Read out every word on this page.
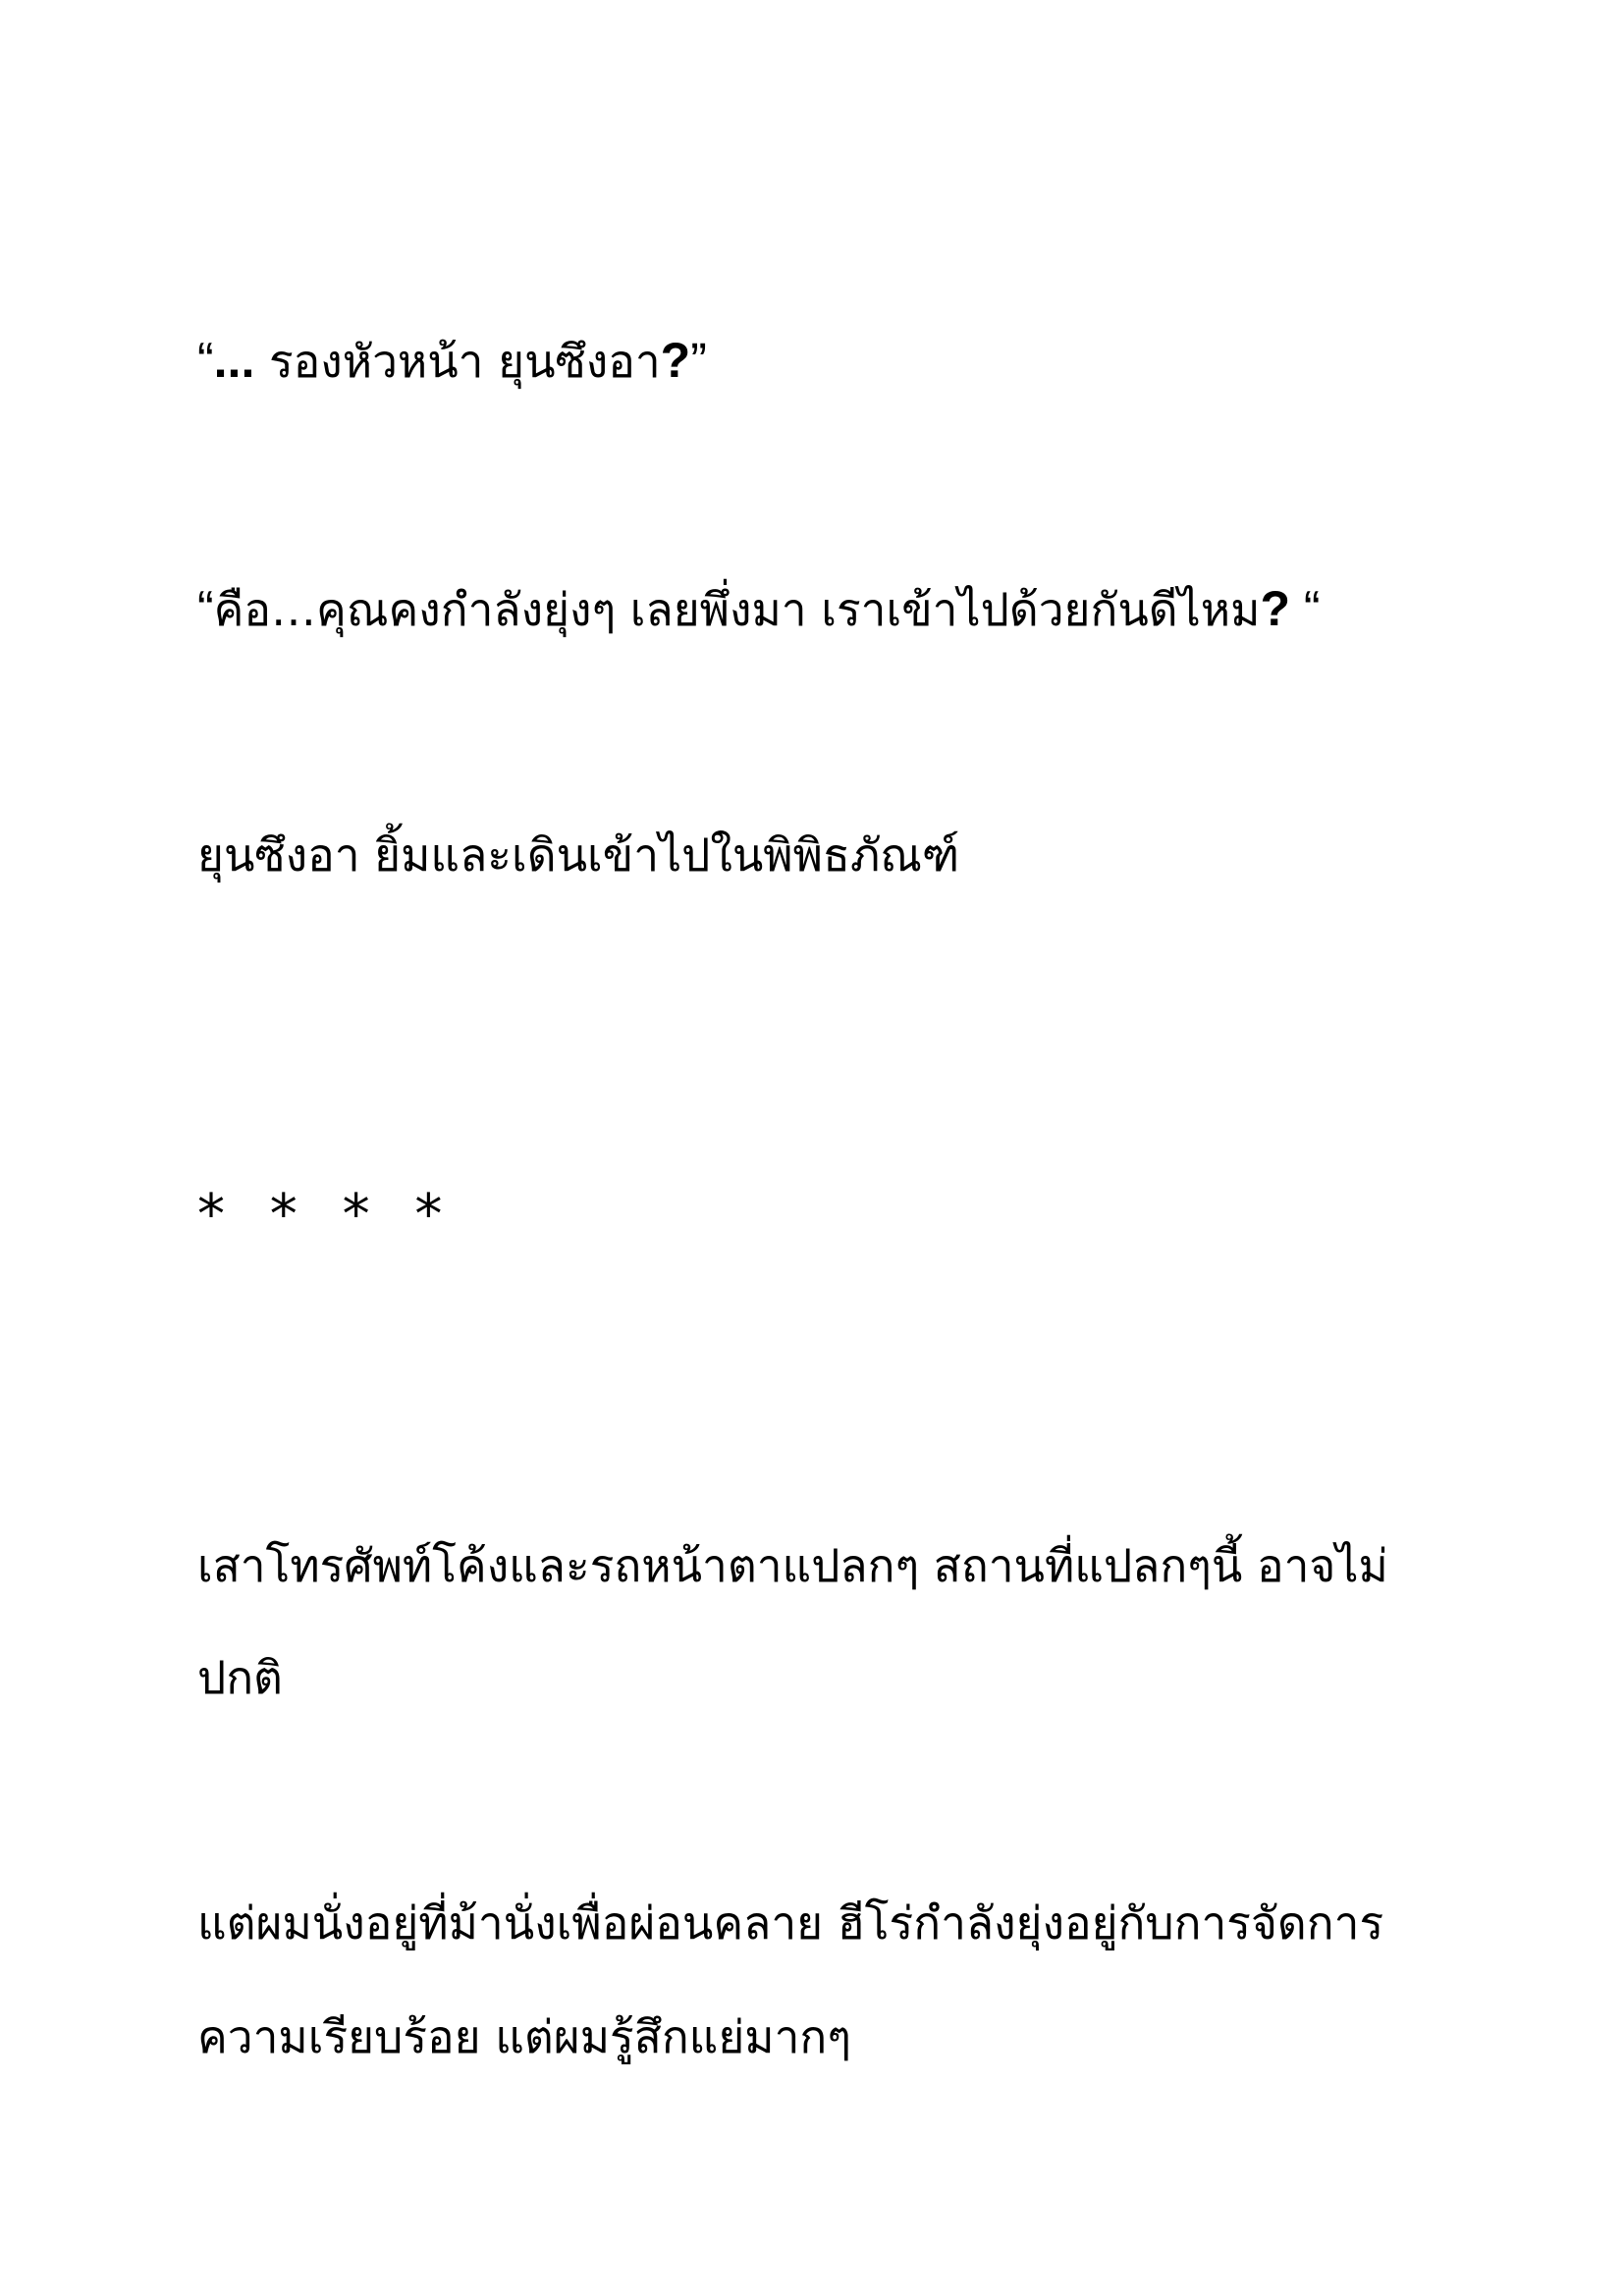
“... รองหัวหน้า ยุนซึงอา?”

“คือ…คุณคงกำลังยุ่งๆ เลยพึ่งมา เราเข้าไปด้วยกันดีไหม? “

ยุนซึงอา ยิ้มและเดินเข้าไปในพิพิธภัณฑ์

* * * *

เสาโทรศัพท์โค้งและรถหน้าตาแปลกๆ สถานที่แปลกๆนี้ อาจไม่

ปกติ

แต่ผมนั่งอยู่ที่ม้านั่งเพื่อผ่อนคลาย ฮีโร่กำลังยุ่งอยู่กับการจัดการ

ความเรียบร้อย แต่ผมรู้สึกแย่มากๆ
